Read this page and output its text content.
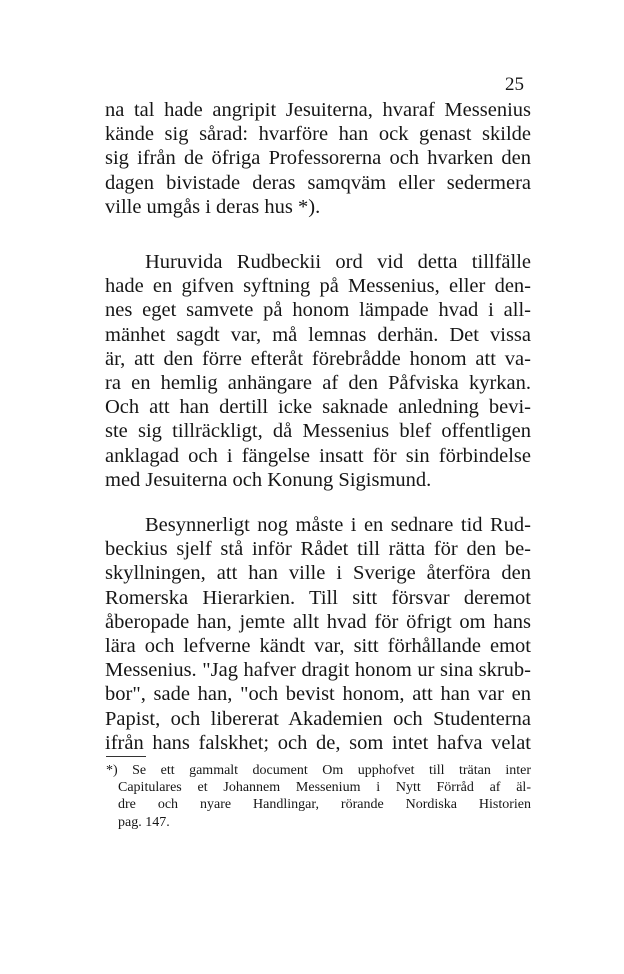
25
na tal hade angripit Jesuiterna, hvaraf Messenius
kände sig sårad: hvarföre han ock genast skilde
sig ifrån de öfriga Professorerna och hvarken den
dagen bivistade deras samqväm eller sedermera
ville umgås i deras hus *).
Huruvida Rudbeckii ord vid detta tillfälle
hade en gifven syftning på Messenius, eller den-
nes eget samvete på honom lämpade hvad i all-
mänhet sagdt var, må lemnas derhän. Det vissa
är, att den förre efteråt förebrådde honom att va-
ra en hemlig anhängare af den Påfviska kyrkan.
Och att han dertill icke saknade anledning bevi-
ste sig tillräckligt, då Messenius blef offentligen
anklagad och i fängelse insatt för sin förbindelse
med Jesuiterna och Konung Sigismund.
Besynnerligt nog måste i en sednare tid Rud-
beckius sjelf stå inför Rådet till rätta för den be-
skyllningen, att han ville i Sverige återföra den
Romerska Hierarkien. Till sitt försvar deremot
åberopade han, jemte allt hvad för öfrigt om hans
lära och lefverne kändt var, sitt förhållande emot
Messenius. "Jag hafver dragit honom ur sina skrub-
bor", sade han, "och bevist honom, att han var en
Papist, och libererat Akademien och Studenterna
ifrån hans falskhet; och de, som intet hafva velat
*) Se ett gammalt document Om upphofvet till trätan inter
Capitulares et Johannem Messenium i Nytt Förråd af äl-
dre och nyare Handlingar, rörande Nordiska Historien
pag. 147.
